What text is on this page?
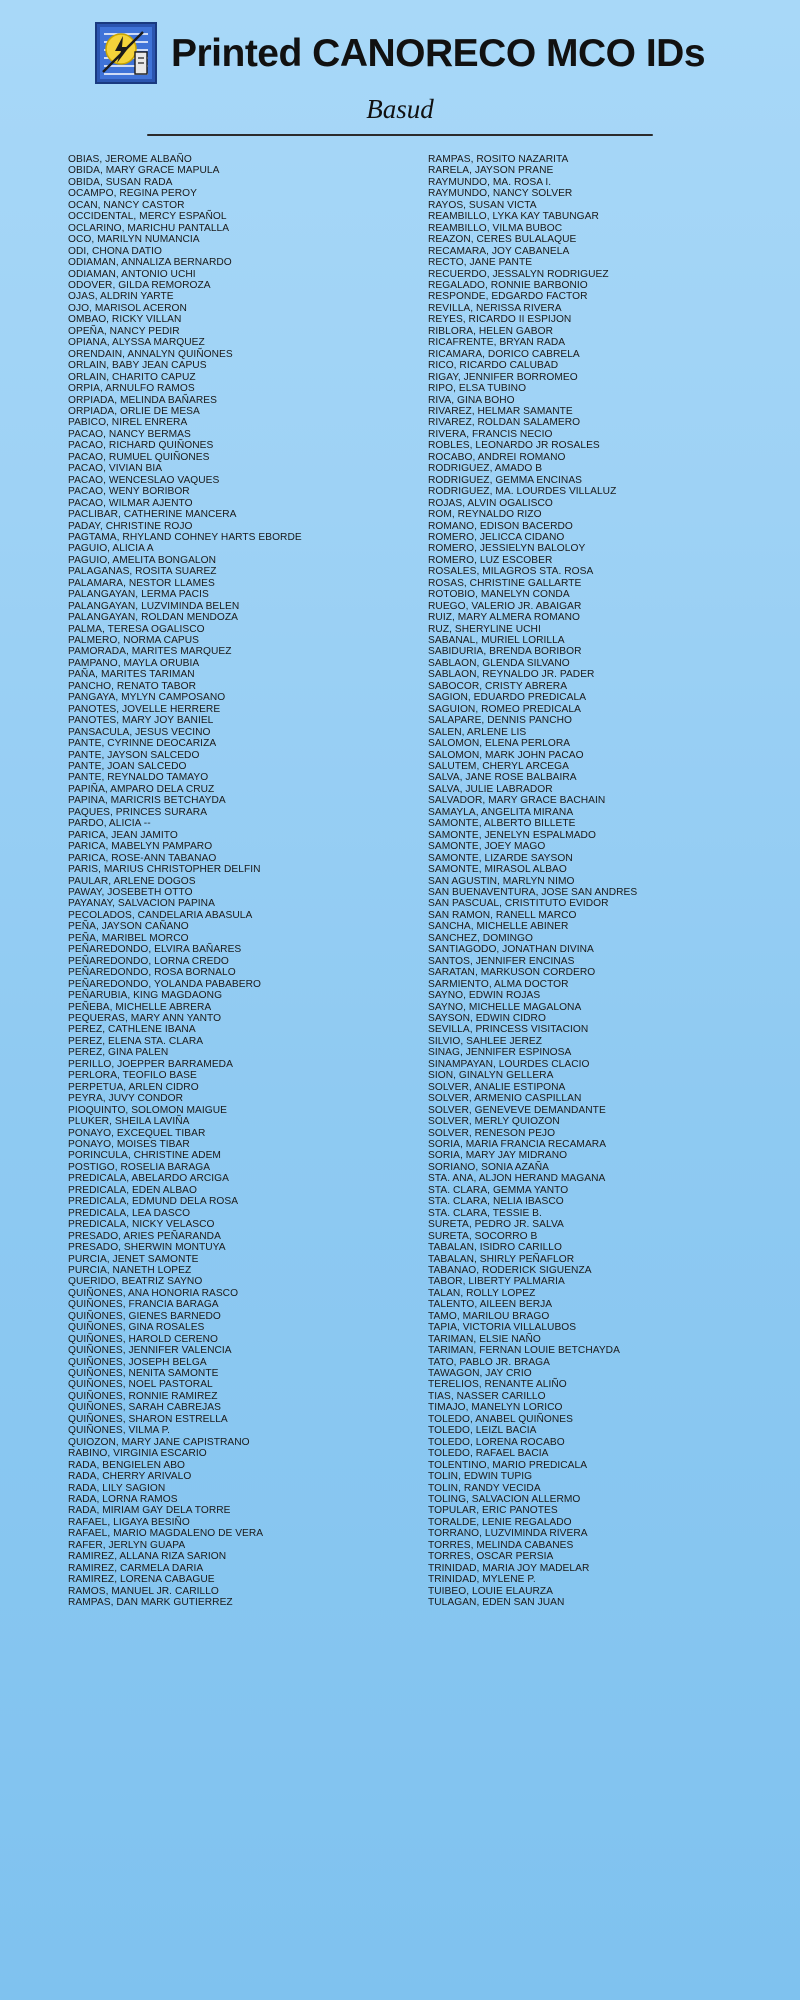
Printed CANORECO MCO IDs
Basud
OBIAS, JEROME ALBAÑO
OBIDA, MARY GRACE MAPULA
OBIDA, SUSAN RADA
OCAMPO, REGINA PEROY
OCAN, NANCY CASTOR
OCCIDENTAL, MERCY ESPAÑOL
OCLARINO, MARICHU PANTALLA
OCO, MARILYN NUMANCIA
ODI, CHONA DATIO
ODIAMAN, ANNALIZA BERNARDO
ODIAMAN, ANTONIO UCHI
ODOVER, GILDA REMOROZA
OJAS, ALDRIN YARTE
OJO, MARISOL ACERON
OMBAO, RICKY VILLAN
OPEÑA, NANCY PEDIR
OPIANA, ALYSSA MARQUEZ
ORENDAIN, ANNALYN QUIÑONES
ORLAIN, BABY JEAN CAPUS
ORLAIN, CHARITO CAPUZ
ORPIA, ARNULFO RAMOS
ORPIADA, MELINDA BAÑARES
ORPIADA, ORLIE DE MESA
PABICO, NIREL ENRERA
PACAO, NANCY BERMAS
PACAO, RICHARD QUIÑONES
PACAO, RUMUEL QUIÑONES
PACAO, VIVIAN BIA
PACAO, WENCESLAO VAQUES
PACAO, WENY BORIBOR
PACAO, WILMAR AJENTO
PACLIBAR, CATHERINE MANCERA
PADAY, CHRISTINE ROJO
PAGTAMA, RHYLAND COHNEY HARTS EBORDE
PAGUIO, ALICIA A
PAGUIO, AMELITA BONGALON
PALAGANAS, ROSITA SUAREZ
PALAMARA, NESTOR LLAMES
PALANGAYAN, LERMA PACIS
PALANGAYAN, LUZVIMINDA BELEN
PALANGAYAN, ROLDAN MENDOZA
PALMA, TERESA OGALISCO
PALMERO, NORMA CAPUS
PAMORADA, MARITES MARQUEZ
PAMPANO, MAYLA ORUBIA
PAÑA, MARITES TARIMAN
PANCHO, RENATO TABOR
PANGAYA, MYLYN CAMPOSANO
PANOTES, JOVELLE HERRERE
PANOTES, MARY JOY BANIEL
PANSACULA, JESUS VECINO
PANTE, CYRINNE DEOCARIZA
PANTE, JAYSON SALCEDO
PANTE, JOAN SALCEDO
PANTE, REYNALDO TAMAYO
PAPIÑA, AMPARO DELA CRUZ
PAPINA, MARICRIS BETCHAYDA
PAQUES, PRINCES SURARA
PARDO, ALICIA --
PARICA, JEAN JAMITO
PARICA, MABELYN PAMPARO
PARICA, ROSE-ANN TABANAO
PARIS, MARIUS CHRISTOPHER DELFIN
PAULAR, ARLENE DOGOS
PAWAY, JOSEBETH OTTO
PAYANAY, SALVACION PAPINA
PECOLADOS, CANDELARIA ABASULA
PEÑA, JAYSON CAÑANO
PEÑA, MARIBEL MORCO
PEÑAREDONDO, ELVIRA BAÑARES
PEÑAREDONDO, LORNA CREDO
PEÑAREDONDO, ROSA BORNALO
PEÑAREDONDO, YOLANDA PABABERO
PEÑARUBIA, KING MAGDAONG
PEÑEBA, MICHELLE ABRERA
PEQUERAS, MARY ANN YANTO
PEREZ, CATHLENE IBANA
PEREZ, ELENA STA. CLARA
PEREZ, GINA PALEN
PERILLO, JOEPPER BARRAMEDA
PERLORA, TEOFILO BASE
PERPETUA, ARLEN CIDRO
PEYRA, JUVY CONDOR
PIOQUINTO, SOLOMON MAIGUE
PLUKER, SHEILA LAVIÑA
PONAYO, EXCEQUEL TIBAR
PONAYO, MOISES TIBAR
PORINCULA, CHRISTINE ADEM
POSTIGO, ROSELIA BARAGA
PREDICALA, ABELARDO ARCIGA
PREDICALA, EDEN ALBAO
PREDICALA, EDMUND DELA ROSA
PREDICALA, LEA DASCO
PREDICALA, NICKY VELASCO
PRESADO, ARIES PEÑARANDA
PRESADO, SHERWIN MONTUYA
PURCIA, JENET SAMONTE
PURCIA, NANETH LOPEZ
QUERIDO, BEATRIZ SAYNO
QUIÑONES, ANA HONORIA RASCO
QUIÑONES, FRANCIA BARAGA
QUIÑONES, GIENES BARNEDO
QUIÑONES, GINA ROSALES
QUIÑONES, HAROLD CERENO
QUIÑONES, JENNIFER VALENCIA
QUIÑONES, JOSEPH BELGA
QUIÑONES, NENITA SAMONTE
QUIÑONES, NOEL PASTORAL
QUIÑONES, RONNIE RAMIREZ
QUIÑONES, SARAH CABREJAS
QUIÑONES, SHARON ESTRELLA
QUIÑONES, VILMA P.
QUIOZON, MARY JANE CAPISTRANO
RABINO, VIRGINIA ESCARIO
RADA, BENGIELEN ABO
RADA, CHERRY ARIVALO
RADA, LILY SAGION
RADA, LORNA RAMOS
RADA, MIRIAM GAY DELA TORRE
RAFAEL, LIGAYA BESIÑO
RAFAEL, MARIO MAGDALENO DE VERA
RAFER, JERLYN GUAPA
RAMIREZ, ALLANA RIZA SARION
RAMIREZ, CARMELA DARIA
RAMIREZ, LORENA CABAGUE
RAMOS, MANUEL JR. CARILLO
RAMPAS, DAN MARK GUTIERREZ
RAMPAS, ROSITO NAZARITA
RARELA, JAYSON PRANE
RAYMUNDO, MA. ROSA I.
RAYMUNDO, NANCY SOLVER
RAYOS, SUSAN VICTA
REAMBILLO, LYKA KAY TABUNGAR
REAMBILLO, VILMA BUBOC
REAZON, CERES BULALAQUE
RECAMARA, JOY CABANELA
RECTO, JANE PANTE
RECUERDO, JESSALYN RODRIGUEZ
REGALADO, RONNIE BARBONIO
RESPONDE, EDGARDO FACTOR
REVILLA, NERISSA RIVERA
REYES, RICARDO II ESPIJON
RIBLORA, HELEN GABOR
RICAFRENTE, BRYAN RADA
RICAMARA, DORICO CABRELA
RICO, RICARDO CALUBAD
RIGAY, JENNIFER BORROMEO
RIPO, ELSA TUBINO
RIVA, GINA BOHO
RIVAREZ, HELMAR SAMANTE
RIVAREZ, ROLDAN SALAMERO
RIVERA, FRANCIS NECIO
ROBLES, LEONARDO JR ROSALES
ROCABO, ANDREI ROMANO
RODRIGUEZ, AMADO B
RODRIGUEZ, GEMMA ENCINAS
RODRIGUEZ, MA. LOURDES VILLALUZ
ROJAS, ALVIN OGALISCO
ROM, REYNALDO RIZO
ROMANO, EDISON BACERDO
ROMERO, JELICCA CIDANO
ROMERO, JESSIELYN BALOLOY
ROMERO, LUZ ESCOBER
ROSALES, MILAGROS STA. ROSA
ROSAS, CHRISTINE GALLARTE
ROTOBIO, MANELYN CONDA
RUEGO, VALERIO JR. ABAIGAR
RUIZ, MARY ALMERA ROMANO
RUZ, SHERYLINE UCHI
SABANAL, MURIEL LORILLA
SABIDURIA, BRENDA BORIBOR
SABLAON, GLENDA SILVANO
SABLAON, REYNALDO JR. PADER
SABOCOR, CRISTY ABRERA
SAGION, EDUARDO PREDICALA
SAGUION, ROMEO PREDICALA
SALAPARE, DENNIS PANCHO
SALEN, ARLENE LIS
SALOMON, ELENA PERLORA
SALOMON, MARK JOHN PACAO
SALUTEM, CHERYL ARCEGA
SALVA, JANE ROSE BALBAIRA
SALVA, JULIE LABRADOR
SALVADOR, MARY GRACE BACHAIN
SAMAYLA, ANGELITA MIRANA
SAMONTE, ALBERTO BILLETE
SAMONTE, JENELYN ESPALMADO
SAMONTE, JOEY MAGO
SAMONTE, LIZARDE SAYSON
SAMONTE, MIRASOL ALBAO
SAN AGUSTIN, MARLYN NIMO
SAN BUENAVENTURA, JOSE SAN ANDRES
SAN PASCUAL, CRISTITUTO EVIDOR
SAN RAMON, RANELL MARCO
SANCHA, MICHELLE ABINER
SANCHEZ, DOMINGO
SANTIAGODO, JONATHAN DIVINA
SANTOS, JENNIFER ENCINAS
SARATAN, MARKUSON CORDERO
SARMIENTO, ALMA DOCTOR
SAYNO, EDWIN ROJAS
SAYNO, MICHELLE MAGALONA
SAYSON, EDWIN CIDRO
SEVILLA, PRINCESS VISITACION
SILVIO, SAHLEE JEREZ
SINAG, JENNIFER ESPINOSA
SINAMPAYAN, LOURDES CLACIO
SION, GINALYN GELLERA
SOLVER, ANALIE ESTIPONA
SOLVER, ARMENIO CASPILLAN
SOLVER, GENEVEVE DEMANDANTE
SOLVER, MERLY QUIOZON
SOLVER, RENESON PEJO
SORIA, MARIA FRANCIA RECAMARA
SORIA, MARY JAY MIDRANO
SORIANO, SONIA AZAÑA
STA. ANA, ALJON HERAND MAGANA
STA. CLARA, GEMMA YANTO
STA. CLARA, NELIA IBASCO
STA. CLARA, TESSIE B.
SURETA, PEDRO JR. SALVA
SURETA, SOCORRO B
TABALAN, ISIDRO CARILLO
TABALAN, SHIRLY PEÑAFLOR
TABANAO, RODERICK SIGUENZA
TABOR, LIBERTY PALMARIA
TALAN, ROLLY LOPEZ
TALENTO, AILEEN BERJA
TAMO, MARILOU BRAGO
TAPIA, VICTORIA VILLALUBOS
TARIMAN, ELSIE NAÑO
TARIMAN, FERNAN LOUIE BETCHAYDA
TATO, PABLO JR. BRAGA
TAWAGON, JAY CRIO
TERELIOS, RENANTE ALIÑO
TIAS, NASSER CARILLO
TIMAJO, MANELYN LORICO
TOLEDO, ANABEL QUIÑONES
TOLEDO, LEIZL BACIA
TOLEDO, LORENA ROCABO
TOLEDO, RAFAEL BACIA
TOLENTINO, MARIO PREDICALA
TOLIN, EDWIN TUPIG
TOLIN, RANDY VECIDA
TOLING, SALVACION ALLERMO
TOPULAR, ERIC PANOTES
TORALDE, LENIE REGALADO
TORRANO, LUZVIMINDA RIVERA
TORRES, MELINDA CABANES
TORRES, OSCAR PERSIA
TRINIDAD, MARIA JOY MADELAR
TRINIDAD, MYLENE P.
TUIBEO, LOUIE ELAURZA
TULAGAN, EDEN SAN JUAN
